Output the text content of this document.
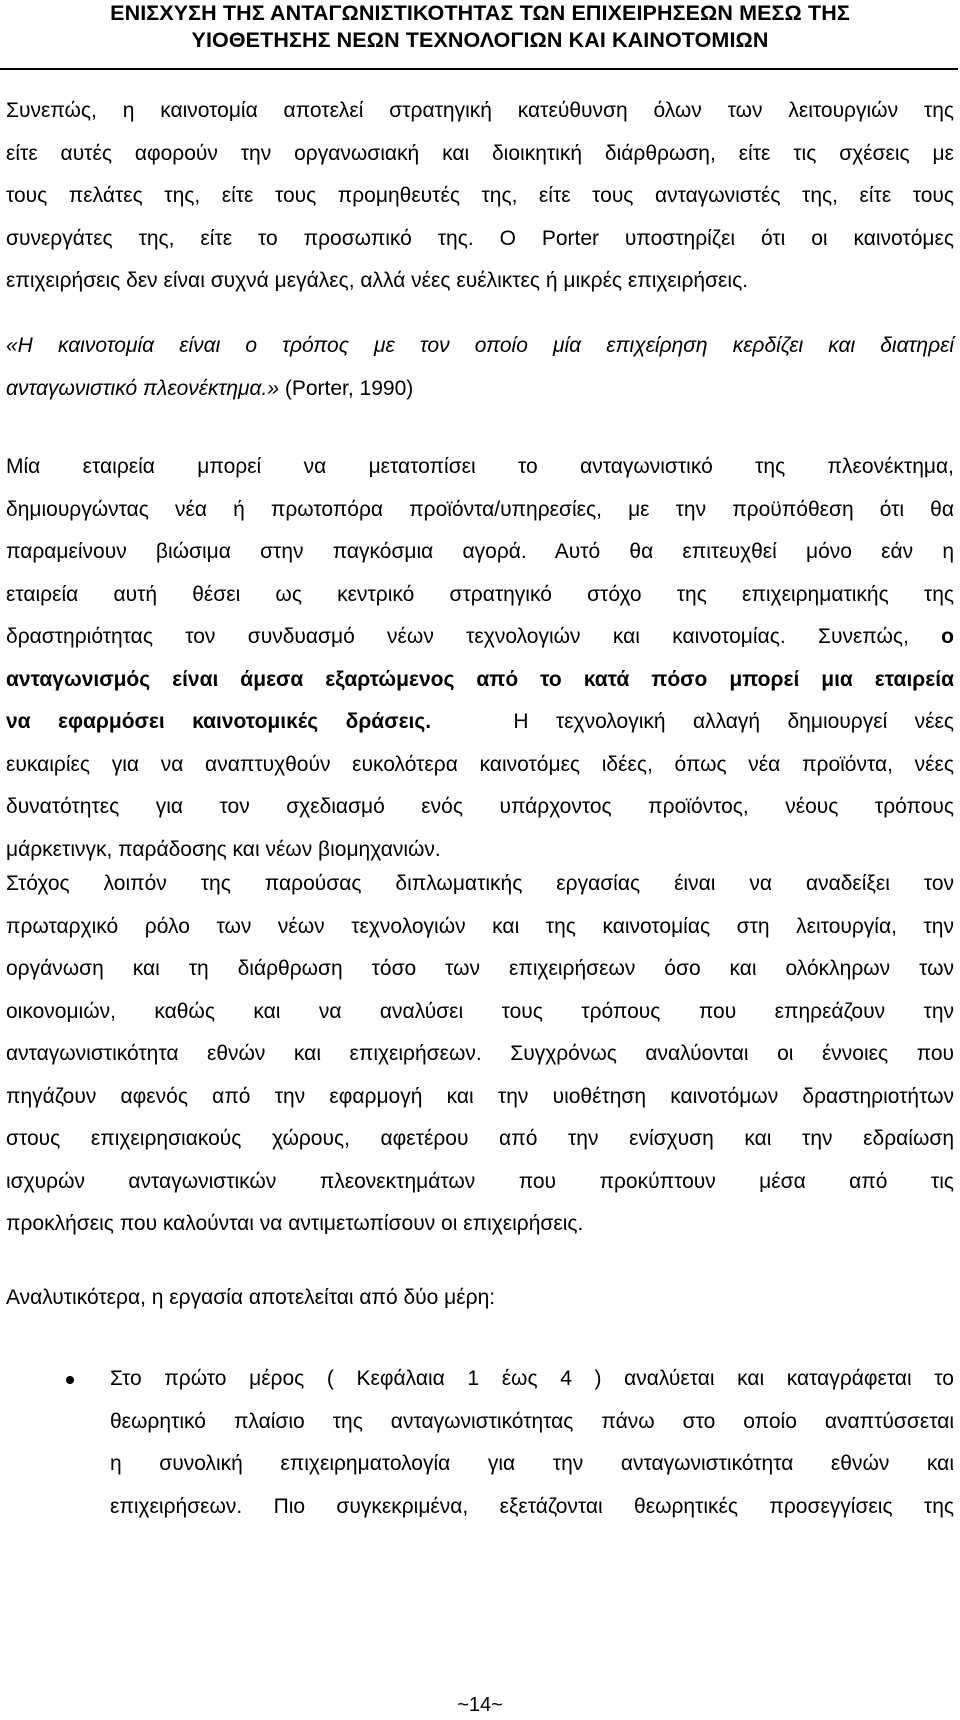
ΕΝΙΣΧΥΣΗ ΤΗΣ ΑΝΤΑΓΩΝΙΣΤΙΚΟΤΗΤΑΣ ΤΩΝ ΕΠΙΧΕΙΡΗΣΕΩΝ ΜΕΣΩ ΤΗΣ
ΥΙΟΘΕΤΗΣΗΣ ΝΕΩΝ ΤΕΧΝΟΛΟΓΙΩΝ ΚΑΙ ΚΑΙΝΟΤΟΜΙΩΝ
Συνεπώς, η καινοτομία αποτελεί στρατηγική κατεύθυνση όλων των λειτουργιών της
είτε αυτές αφορούν την οργανωσιακή και διοικητική διάρθρωση, είτε τις σχέσεις με
τους πελάτες της, είτε τους προμηθευτές της, είτε τους ανταγωνιστές της, είτε τους
συνεργάτες της, είτε το προσωπικό της. Ο Porter υποστηρίζει ότι οι καινοτόμες
επιχειρήσεις δεν είναι συχνά μεγάλες, αλλά νέες ευέλικτες ή μικρές επιχειρήσεις.
«Η καινοτομία είναι ο τρόπος με τον οποίο μία επιχείρηση κερδίζει και διατηρεί
ανταγωνιστικό πλεονέκτημα.» (Porter, 1990)
Μία εταιρεία μπορεί να μετατοπίσει το ανταγωνιστικό της πλεονέκτημα,
δημιουργώντας νέα ή πρωτοπόρα προϊόντα/υπηρεσίες, με την προϋπόθεση ότι θα
παραμείνουν βιώσιμα στην παγκόσμια αγορά. Αυτό θα επιτευχθεί μόνο εάν η
εταιρεία αυτή θέσει ως κεντρικό στρατηγικό στόχο της επιχειρηματικής της
δραστηριότητας τον συνδυασμό νέων τεχνολογιών και καινοτομίας. Συνεπώς, ο
ανταγωνισμός είναι άμεσα εξαρτώμενος από το κατά πόσο μπορεί μια εταιρεία
να εφαρμόσει καινοτομικές δράσεις.	Η τεχνολογική αλλαγή δημιουργεί νέες
ευκαιρίες για να αναπτυχθούν ευκολότερα καινοτόμες ιδέες, όπως νέα προϊόντα, νέες
δυνατότητες για τον σχεδιασμό ενός υπάρχοντος προϊόντος, νέους τρόπους
μάρκετινγκ, παράδοσης και νέων βιομηχανιών.
Στόχος λοιπόν της παρούσας διπλωματικής εργασίας έιναι να αναδείξει τον
πρωταρχικό ρόλο των νέων τεχνολογιών και της καινοτομίας στη λειτουργία, την
οργάνωση και τη διάρθρωση τόσο των επιχειρήσεων όσο και ολόκληρων των
οικονομιών, καθώς και να αναλύσει τους τρόπους που επηρεάζουν την
ανταγωνιστικότητα εθνών και επιχειρήσεων. Συγχρόνως αναλύονται οι έννοιες που
πηγάζουν αφενός από την εφαρμογή και την υιοθέτηση καινοτόμων δραστηριοτήτων
στους επιχειρησιακούς χώρους, αφετέρου από την ενίσχυση και την εδραίωση
ισχυρών ανταγωνιστικών πλεονεκτημάτων που προκύπτουν μέσα από τις
προκλήσεις που καλούνται να αντιμετωπίσουν οι επιχειρήσεις.
Αναλυτικότερα, η εργασία αποτελείται από δύο μέρη:
Στο πρώτο μέρος ( Κεφάλαια 1 έως 4 ) αναλύεται και καταγράφεται το
θεωρητικό πλαίσιο της ανταγωνιστικότητας πάνω στο οποίο αναπτύσσεται
η συνολική επιχειρηματολογία για την ανταγωνιστικότητα εθνών και
επιχειρήσεων. Πιο συγκεκριμένα, εξετάζονται θεωρητικές προσεγγίσεις της
~14~
